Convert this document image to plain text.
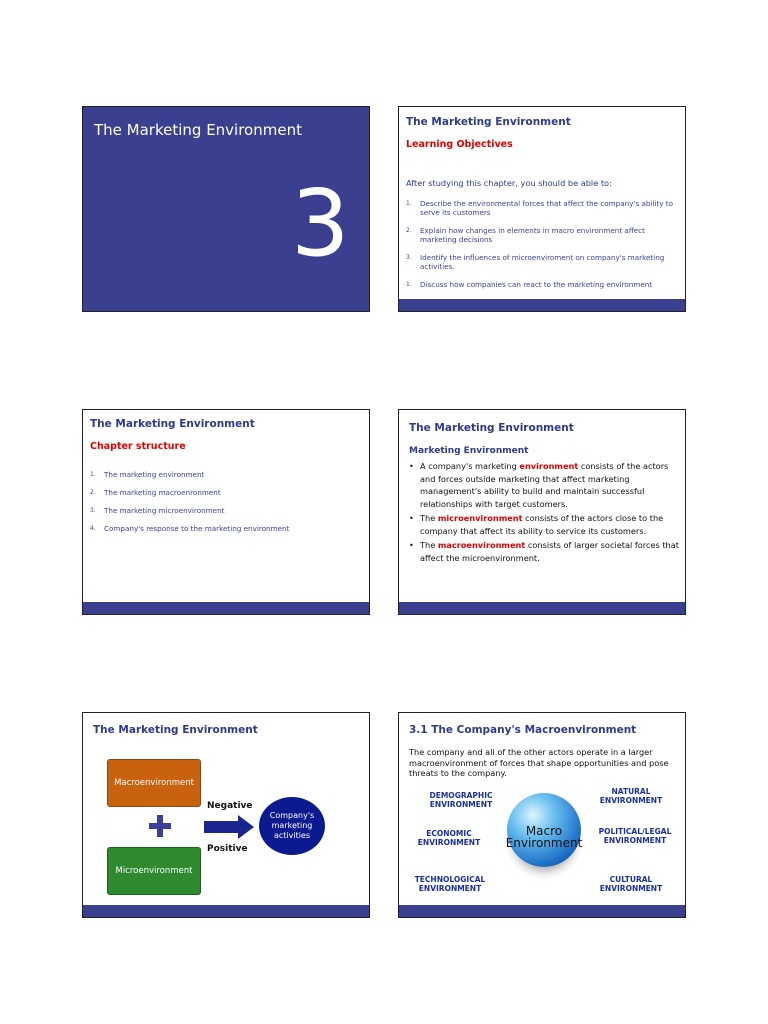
The Marketing Environment
3
The Marketing Environment
Learning Objectives
After studying this chapter, you should be able to:
1.	Describe the environmental forces that affect the company's ability to serve its customers
2.	Explain how changes in elements in macro environment affect marketing decisions
3.	Identify the influences of microenviroment on company's marketing activities.
1.	Discuss how companies can react to the marketing environment
The Marketing Environment
Chapter structure
1.	The marketing environment
2.	The marketing macroenronment
3.	The marketing microenvironment
4.	Company's response to the marketing environment
The Marketing Environment
Marketing Environment
• A company's marketing environment consists of the actors and forces outside marketing that affect marketing management's ability to build and maintain successful relationships with target customers.
• The microenvironment consists of the actors close to the company that affect its ability to service its customers.
• The macroenvironment consists of larger societal forces that affect the microenvironment.
The Marketing Environment
Macroenvironment
Microenvironment
Negative
Positive
Company's marketing activities
3.1 The Company's Macroenvironment
The company and all of the other actors operate in a larger macroenvironment of forces that shape opportunities and pose threats to the company.
Macro Environment
DEMOGRAPHIC ENVIRONMENT
NATURAL ENVIRONMENT
ECONOMIC ENVIRONMENT
POLITICAL/LEGAL ENVIRONMENT
TECHNOLOGICAL ENVIRONMENT
CULTURAL ENVIRONMENT
